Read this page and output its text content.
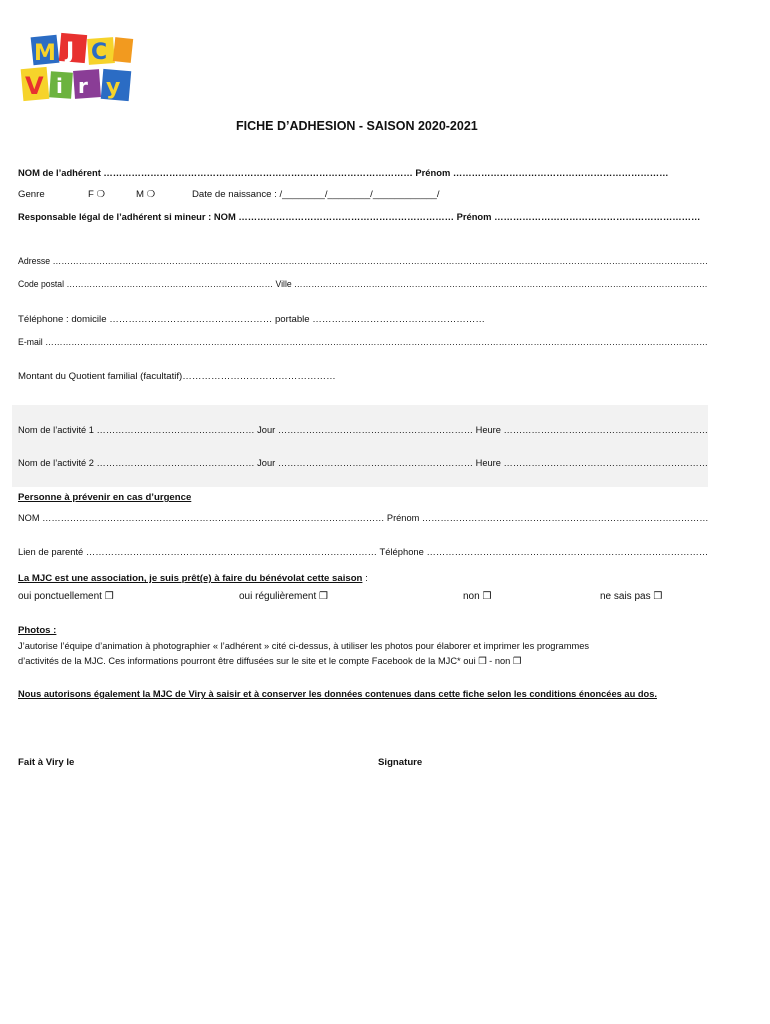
M J C
V i r y
FICHE D’ADHESION - SAISON 2020-2021
NOM de l’adhérent ……………………………………………………………………………………… Prénom ……………………………………………………………
Genre	F ❍	M ❍	Date de naissance : /________/________/____________/
Responsable légal de l’adhérent si mineur : NOM …………………………………………………………… Prénom …………………………………………………………
Adresse ………………………………………………………………………………………………………………………………………………………………………………………………………
Code postal ……………………………………………………………… Ville ………………………………………………………………………………………………………………………………
Téléphone : domicile …………………………………………… portable ………………………………………………
E-mail …………………………………………………………………………………………………………………………………………………………………………………………………………
Montant du Quotient familial (facultatif)…………………………………………
Nom de l’activité 1 …………………………………………… Jour ……………………………………………………… Heure …………………………………………………………
Nom de l’activité 2 …………………………………………… Jour ……………………………………………………… Heure …………………………………………………………
Personne à prévenir en cas d’urgence
NOM ………………………………………………………………………………………………… Prénom …………………………………………………………………………………
Lien de parenté ………………………………………………………………………………… Téléphone ………………………………………………………………………………
La MJC est une association, je suis prêt(e) à faire du bénévolat cette saison :
oui ponctuellement ❒	oui régulièrement ❒	non ❒	ne sais pas ❒
Photos :
J’autorise l’équipe d’animation à photographier « l’adhérent » cité ci-dessus, à utiliser les photos pour élaborer et imprimer les programmes
d’activités de la MJC. Ces informations pourront être diffusées sur le site et le compte Facebook de la MJC* oui ❒ - non ❒
Nous autorisons également la MJC de Viry à saisir et à conserver les données contenues dans cette fiche selon les conditions énoncées au dos.
Fait à Viry le	Signature
